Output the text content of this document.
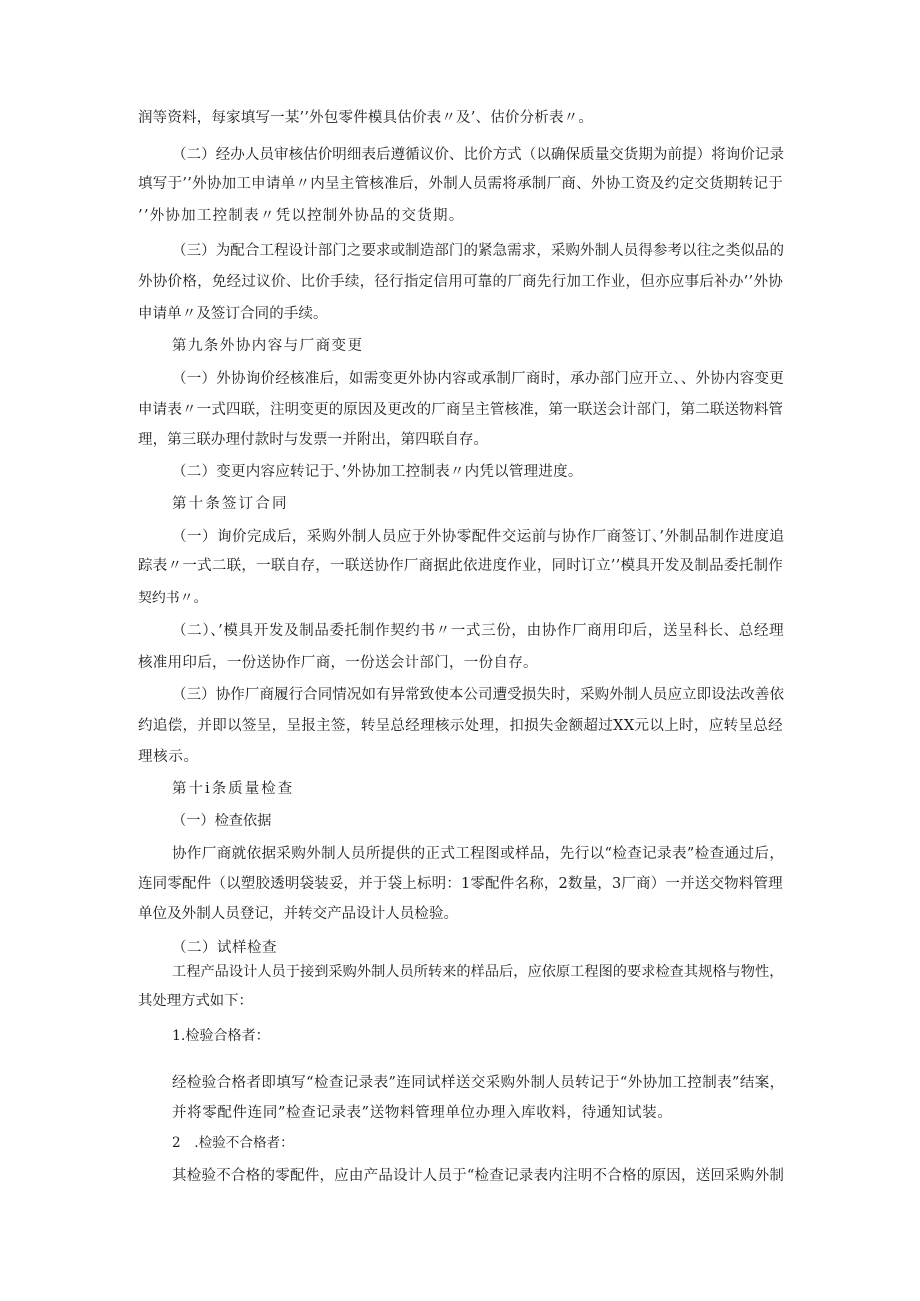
润等资料，每家填写一某’’外包零件模具估价表〃及’、估价分析表〃。
（二）经办人员审核估价明细表后遵循议价、比价方式（以确保质量交货期为前提）将询价记录
填写于’’外协加工申请单〃内呈主管核准后，外制人员需将承制厂商、外协工资及约定交货期转记于
’’外协加工控制表〃凭以控制外协品的交货期。
（三）为配合工程设计部门之要求或制造部门的紧急需求，采购外制人员得参考以往之类似品的
外协价格，免经过议价、比价手续，径行指定信用可靠的厂商先行加工作业，但亦应事后补办’’外协
申请单〃及签订合同的手续。
第九条外协内容与厂商变更
（一）外协询价经核准后，如需变更外协内容或承制厂商时，承办部门应开立、、外协内容变更
申请表〃一式四联，注明变更的原因及更改的厂商呈主管核准，第一联送会计部门，第二联送物料管
理，第三联办理付款时与发票一并附出，第四联自存。
（二）变更内容应转记于、’外协加工控制表〃内凭以管理进度。
第十条签订合同
（一）询价完成后，采购外制人员应于外协零配件交运前与协作厂商签订、’外制品制作进度追
踪表〃一式二联，一联自存，一联送协作厂商据此依进度作业，同时订立’’模具开发及制品委托制作
契约书〃。
（二）、’模具开发及制品委托制作契约书〃一式三份，由协作厂商用印后，送呈科长、总经理
核准用印后，一份送协作厂商，一份送会计部门，一份自存。
（三）协作厂商履行合同情况如有异常致使本公司遭受损失时，采购外制人员应立即设法改善依
约追偿，并即以签呈，呈报主签，转呈总经理核示处理，扣损失金额超过XX元以上时，应转呈总经
理核示。
第十i条质量检查
（一）检查依据
协作厂商就依据采购外制人员所提供的正式工程图或样品，先行以“检查记录表”检查通过后，
连同零配件（以塑胶透明袋装妥，并于袋上标明：1零配件名称，2数量，3厂商）一并送交物料管理
单位及外制人员登记，并转交产品设计人员检验。
（二）试样检查
工程产品设计人员于接到采购外制人员所转来的样品后，应依原工程图的要求检查其规格与物性，
其处理方式如下：
1.检验合格者：
经检验合格者即填写“检查记录表”连同试样送交采购外制人员转记于“外协加工控制表”结案，
并将零配件连同”检查记录表”送物料管理单位办理入库收料，待通知试装。
2　.检验不合格者：
其检验不合格的零配件，应由产品设计人员于“检查记录表内注明不合格的原因，送回采购外制
